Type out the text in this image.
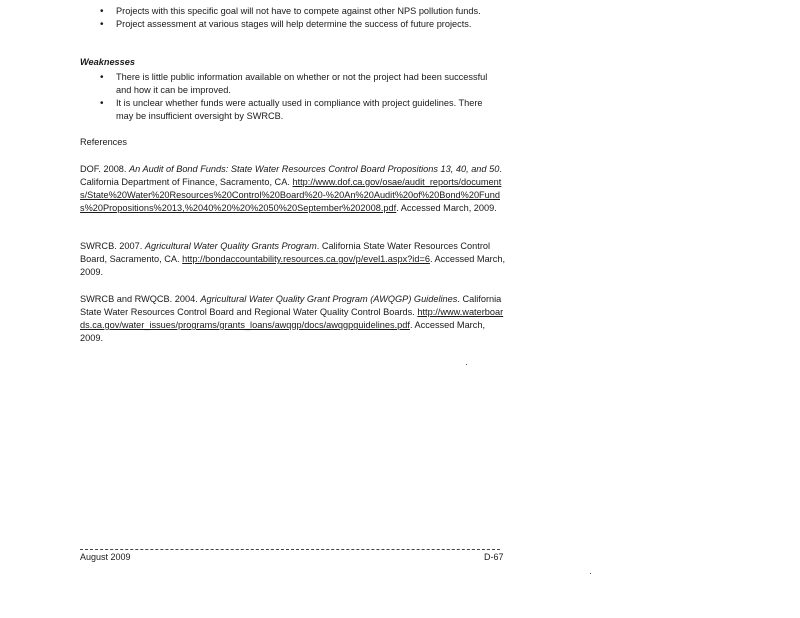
• Projects with this specific goal will not have to compete against other NPS pollution funds.
• Project assessment at various stages will help determine the success of future projects.
Weaknesses
• There is little public information available on whether or not the project had been successful and how it can be improved.
• It is unclear whether funds were actually used in compliance with project guidelines. There may be insufficient oversight by SWRCB.
References

DOF. 2008. An Audit of Bond Funds: State Water Resources Control Board Propositions 13, 40, and 50. California Department of Finance, Sacramento, CA. http://www.dof.ca.gov/osae/audit_reports/documents/State%20Water%20Resources%20Control%20Board%20-%20An%20Audit%20of%20Bond%20Funds%20Propositions%2013,%2040%20%20%2050%20September%202008.pdf. Accessed March, 2009.

SWRCB. 2007. Agricultural Water Quality Grants Program. California State Water Resources Control Board, Sacramento, CA. http://bondaccountability.resources.ca.gov/p/evel1.aspx?id=6. Accessed March, 2009.

SWRCB and RWQCB. 2004. Agricultural Water Quality Grant Program (AWQGP) Guidelines. California State Water Resources Control Board and Regional Water Quality Control Boards. http://www.waterboards.ca.gov/water_issues/programs/grants_loans/awqgp/docs/awqgpguidelines.pdf. Accessed March, 2009.

August 2009	D-67
